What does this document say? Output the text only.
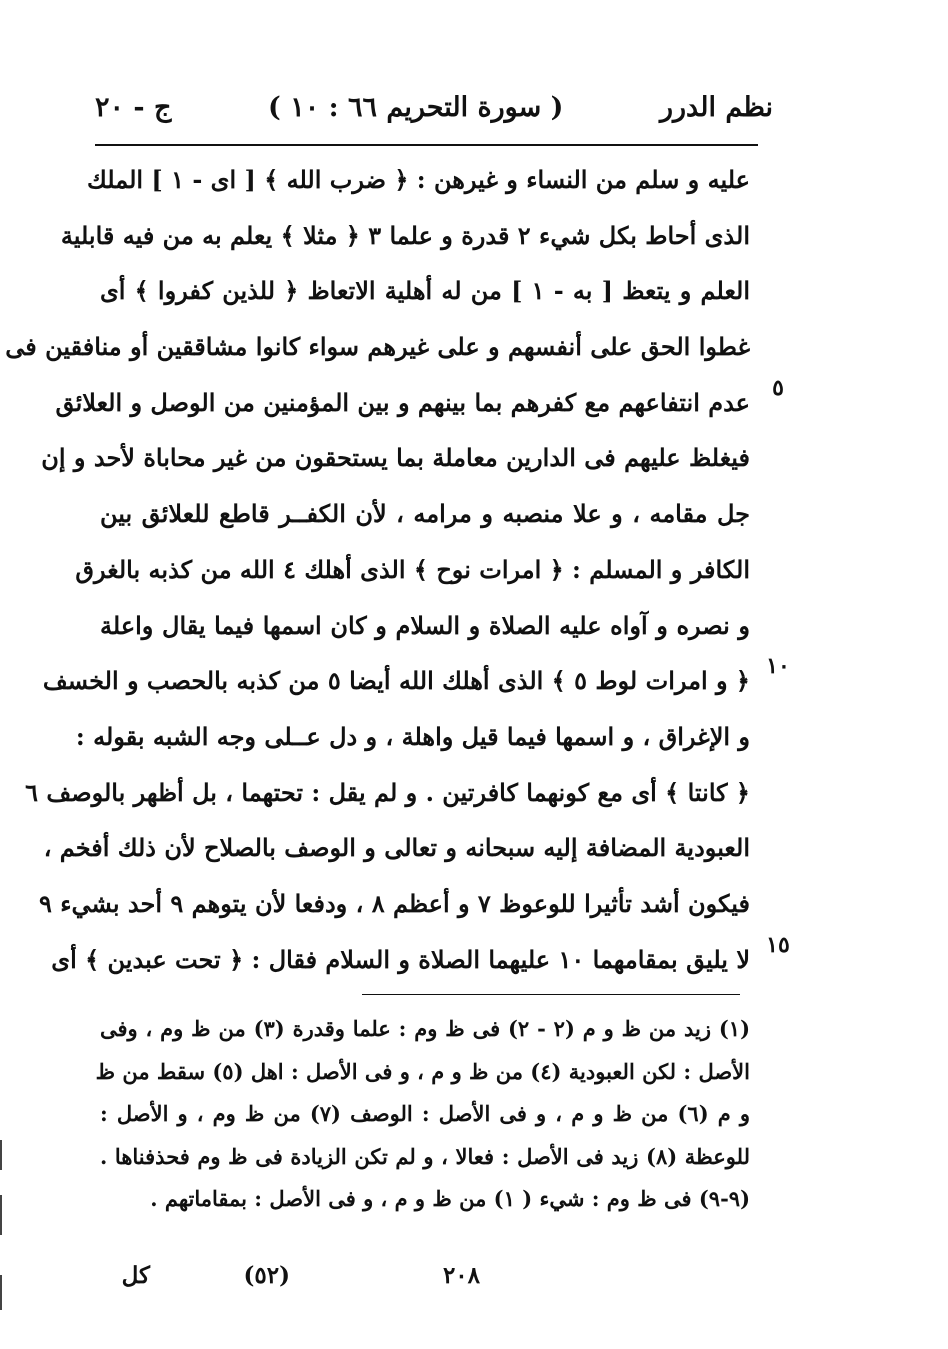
نظم الدرر
( سورة التحريم ٦٦ : ١٠ )
ج - ٢٠
عليه و سلم من النساء و غيرهن : ﴿ ضرب الله ﴾ [ اى - ١ ] الملك
الذى أحاط بكل شيء ٢ قدرة و علما ٣ ﴿ مثلا ﴾ يعلم به من فيه قابلية
العلم و يتعظ [ به - ١ ] من له أهلية الاتعاظ ﴿ للذين كفروا ﴾ أى
غطوا الحق على أنفسهم و على غيرهم سواء كانوا مشاققين أو منافقين فى
عدم انتفاعهم مع كفرهم بما بينهم و بين المؤمنين من الوصل و العلائق
فيغلظ عليهم فى الدارين معاملة بما يستحقون من غير محاباة لأحد و إن
جل مقامه ، و علا منصبه و مرامه ، لأن الكفــر قاطع للعلائق بين
الكافر و المسلم : ﴿ امرات نوح ﴾ الذى أهلك ٤ الله من كذبه بالغرق
و نصره و آواه عليه الصلاة و السلام و كان اسمها فيما يقال واعلة
﴿ و امرات لوط ٥ ﴾ الذى أهلك الله أيضا ٥ من كذبه بالحصب و الخسف
و الإغراق ، و اسمها فيما قيل واهلة ، و دل عــلى وجه الشبه بقوله :
﴿ كانتا ﴾ أى مع كونهما كافرتين . و لم يقل : تحتهما ، بل أظهر بالوصف ٦
العبودية المضافة إليه سبحانه و تعالى و الوصف بالصلاح لأن ذلك أفخم ،
فيكون أشد تأثيرا للوعوظ ٧ و أعظم ٨ ، ودفعا لأن يتوهم ٩ أحد بشيء ٩
لا يليق بمقامهما ١٠ عليهما الصلاة و السلام فقال : ﴿ تحت عبدين ﴾ أى
٥
١٠
١٥
(١) زيد من ظ و م (٢ - ٢) فى ظ وم : علما وقدرة (٣) من ظ وم ، وفى
الأصل : لكن العبودية (٤) من ظ و م ، و فى الأصل : اهل (٥) سقط من ظ
و م (٦) من ظ و م ، و فى الأصل : الوصف (٧) من ظ وم ، و الأصل :
للوعظة (٨) زيد فى الأصل : فعالا ، و لم تكن الزيادة فى ظ وم فحذفناها .
(٩-٩) فى ظ وم : شيء ( ١) من ظ و م ، و فى الأصل : بمقاماتهم .
٢٠٨
(٥٢)
كل
